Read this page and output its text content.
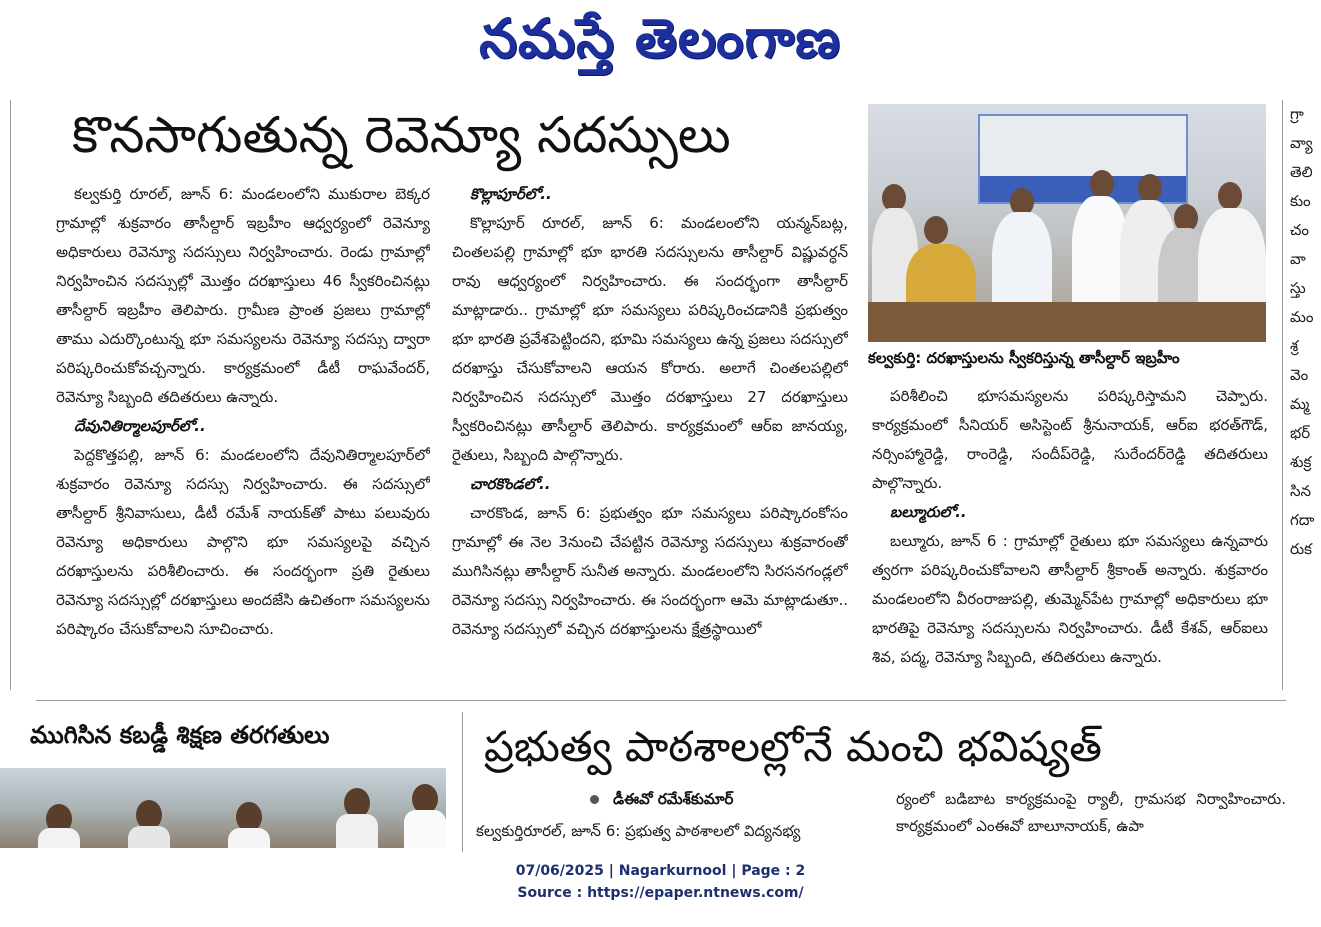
నమస్తే తెలంగాణ
కొనసాగుతున్న రెవెన్యూ సదస్సులు

కల్వకుర్తి రూరల్, జూన్ 6: మండలంలోని ముకురాల బెక్కర గ్రామాల్లో శుక్రవారం తాసీల్దార్ ఇబ్రహీం ఆధ్వర్యంలో రెవెన్యూ అధికారులు రెవెన్యూ సదస్సులు నిర్వహించారు. రెండు గ్రామాల్లో నిర్వహించిన సదస్సుల్లో మొత్తం దరఖాస్తులు 46 స్వీకరించినట్లు తాసీల్దార్ ఇబ్రహీం తెలిపారు. గ్రామీణ ప్రాంత ప్రజలు గ్రామాల్లో తాము ఎదుర్కొంటున్న భూ సమస్యలను రెవెన్యూ సదస్సు ద్వారా పరిష్కరించుకోవచ్చన్నారు. కార్యక్రమంలో డీటీ రాఘవేందర్, రెవెన్యూ సిబ్బంది తదితరులు ఉన్నారు.

దేవునితిర్మాలపూర్‌లో..

పెద్దకొత్తపల్లి, జూన్ 6: మండలంలోని దేవునితిర్మాలపూర్‌లో శుక్రవారం రెవెన్యూ సదస్సు నిర్వహించారు. ఈ సదస్సులో తాసీల్దార్ శ్రీనివాసులు, డీటీ రమేశ్ నాయక్‌తో పాటు పలువురు రెవెన్యూ అధికారులు పాల్గొని భూ సమస్యలపై వచ్చిన దరఖాస్తులను పరిశీలించారు. ఈ సందర్భంగా ప్రతి రైతులు రెవెన్యూ సదస్సుల్లో దరఖాస్తులు అందజేసి ఉచితంగా సమస్యలను పరిష్కారం చేసుకోవాలని సూచించారు.

కొల్లాపూర్‌లో..

కొల్లాపూర్ రూరల్, జూన్ 6: మండలంలోని యన్మన్‌బట్ల, చింతలపల్లి గ్రామాల్లో భూ భారతి సదస్సులను తాసీల్దార్ విష్ణువర్ధన్ రావు ఆధ్వర్యంలో నిర్వహించారు. ఈ సందర్భంగా తాసీల్దార్ మాట్లాడారు.. గ్రామాల్లో భూ సమస్యలు పరిష్కరించడానికి ప్రభుత్వం భూ భారతి ప్రవేశపెట్టిందని, భూమి సమస్యలు ఉన్న ప్రజలు సదస్సులో దరఖాస్తు చేసుకోవాలని ఆయన కోరారు. అలాగే చింతలపల్లిలో నిర్వహించిన సదస్సులో మొత్తం దరఖాస్తులు 27 దరఖాస్తులు స్వీకరించినట్లు తాసీల్దార్ తెలిపారు. కార్యక్రమంలో ఆర్ఐ జానయ్య, రైతులు, సిబ్బంది పాల్గొన్నారు.

చారకొండలో..

చారకొండ, జూన్ 6: ప్రభుత్వం భూ సమస్యలు పరిష్కారంకోసం గ్రామాల్లో ఈ నెల 3నుంచి చేపట్టిన రెవెన్యూ సదస్సులు శుక్రవారంతో ముగిసినట్లు తాసీల్దార్ సునీత అన్నారు. మండలంలోని సిరసనగండ్లలో రెవెన్యూ సదస్సు నిర్వహించారు. ఈ సందర్భంగా ఆమె మాట్లాడుతూ.. రెవెన్యూ సదస్సులో వచ్చిన దరఖాస్తులను క్షేత్రస్థాయిలో

కల్వకుర్తి: దరఖాస్తులను స్వీకరిస్తున్న తాసీల్దార్ ఇబ్రహీం

పరిశీలించి భూసమస్యలను పరిష్కరిస్తామని చెప్పారు. కార్యక్రమంలో సీనియర్ అసిస్టెంట్ శ్రీనునాయక్, ఆర్ఐ భరత్‌గౌడ్, నర్సింహ్మారెడ్డి, రాంరెడ్డి, సందీప్‌రెడ్డి, సురేందర్‌రెడ్డి తదితరులు పాల్గొన్నారు.

బల్మూరులో..

బల్మూరు, జూన్ 6 : గ్రామాల్లో రైతులు భూ సమస్యలు ఉన్నవారు త్వరగా పరిష్కరించుకోవాలని తాసీల్దార్ శ్రీకాంత్ అన్నారు. శుక్రవారం మండలంలోని వీరంరాజుపల్లి, తుమ్మెన్‌పేట గ్రామాల్లో అధికారులు భూ భారతిపై రెవెన్యూ సదస్సులను నిర్వహించారు. డీటీ కేశవ్, ఆర్ఐలు శివ, పద్మ, రెవెన్యూ సిబ్బంది, తదితరులు ఉన్నారు.

గ్రా
వ్యా
తెలి
కుం
చం
వా
స్తు
మం
శ్ర
వెం
మ్మ
భర్
శుక్ర
సిన
గదా
రుక
ముగిసిన కబడ్డీ శిక్షణ తరగతులు	ప్రభుత్వ పాఠశాలల్లోనే మంచి భవిష్యత్
డీఈవో రమేశ్‌కుమార్
కల్వకుర్తిరూరల్, జూన్ 6: ప్రభుత్వ పాఠశాలలో విద్యనభ్య
ర్యంలో బడిబాట కార్యక్రమంపై ర్యాలీ, గ్రామసభ నిర్వాహించారు. కార్యక్రమంలో ఎంఈవో బాలూనాయక్, ఉపా
07/06/2025 | Nagarkurnool | Page : 2
Source : https://epaper.ntnews.com/
